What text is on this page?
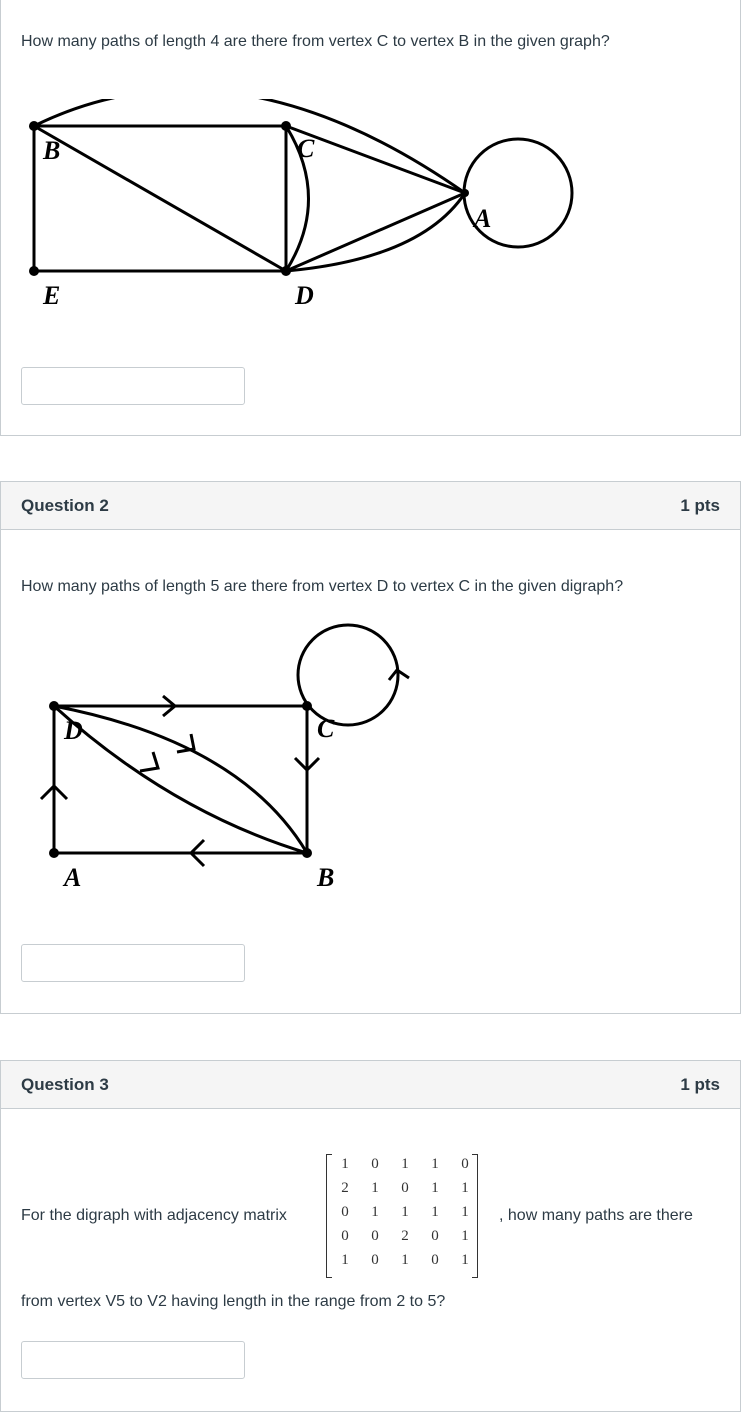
How many paths of length 4 are there from vertex C to vertex B in the given graph?
B	C
A
E	D
Question 2	1 pts
How many paths of length 5 are there from vertex D to vertex C in the given digraph?
D	C
A	B
Question 3	1 pts
For the digraph with adjacency matrix	, how many paths are there
from vertex V5 to V2 having length in the range from 2 to 5?
1	0	1	1	0
2	1	0	1	1
0	1	1	1	1
0	0	2	0	1
1	0	1	0	1
